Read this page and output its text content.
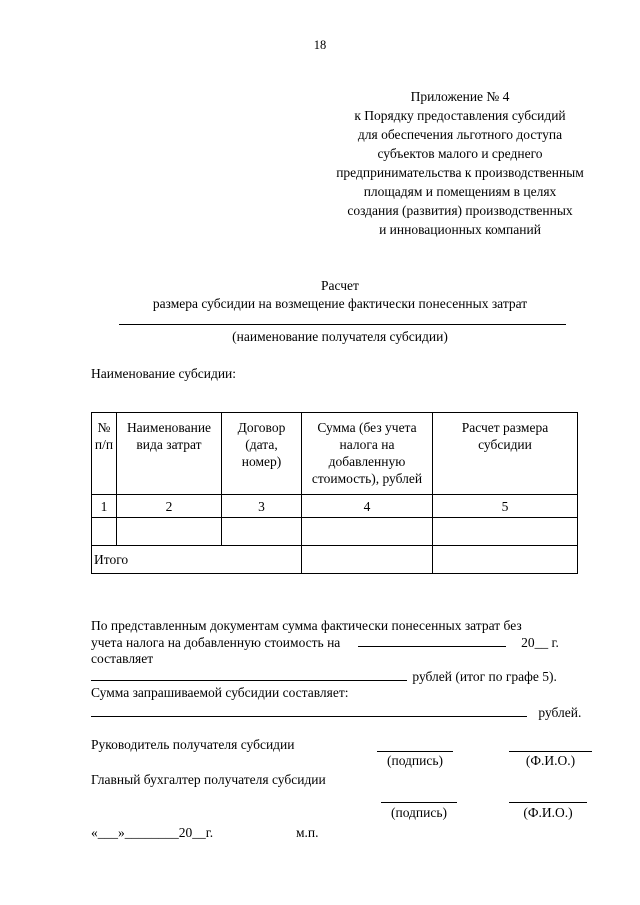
18
Приложение № 4
к Порядку предоставления субсидий
для обеспечения льготного доступа
субъектов малого и среднего
предпринимательства к производственным
площадям и помещениям в целях
создания (развития) производственных
и инновационных компаний
Расчет
размера субсидии на возмещение фактически понесенных затрат
(наименование получателя субсидии)
Наименование субсидии:
№ п/п	Наименование вида затрат	Договор (дата, номер)	Сумма (без учета налога на добавленную стоимость), рублей	Расчет размера субсидии
1	2	3	4	5

Итого				
По представленным документам сумма фактически понесенных затрат без
учета налога на добавленную стоимость на	20__ г.
составляет
рублей (итог по графе 5).
Сумма запрашиваемой субсидии составляет:
рублей.
Руководитель получателя субсидии
(подпись)	(Ф.И.О.)
Главный бухгалтер получателя субсидии
(подпись)	(Ф.И.О.)
«___»________20__г.	м.п.
